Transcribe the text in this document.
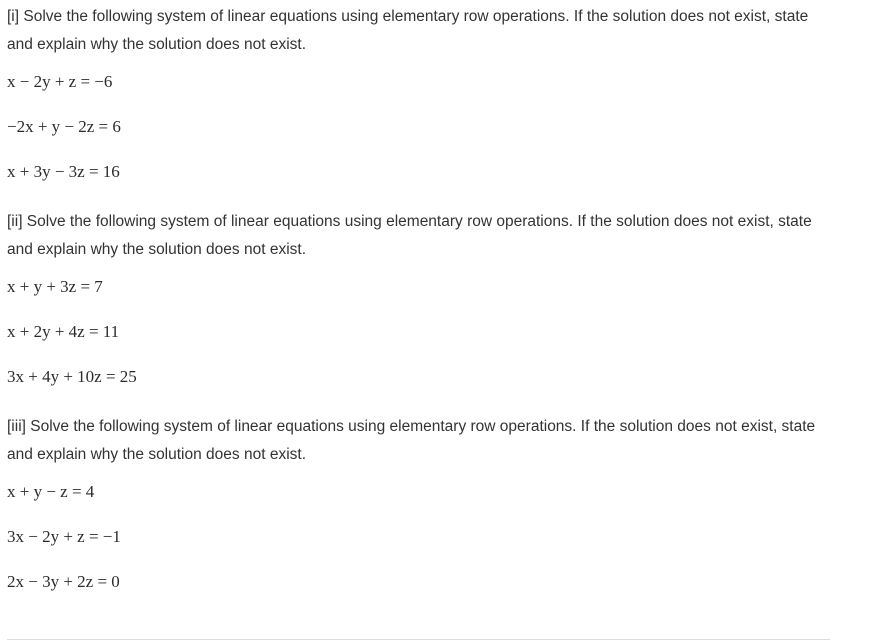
[i] Solve the following system of linear equations using elementary row operations. If the solution does not exist, state and explain why the solution does not exist.

x − 2y + z = −6
−2x + y − 2z = 6
x + 3y − 3z = 16

[ii] Solve the following system of linear equations using elementary row operations. If the solution does not exist, state and explain why the solution does not exist.

x + y + 3z = 7
x + 2y + 4z = 11
3x + 4y + 10z = 25

[iii] Solve the following system of linear equations using elementary row operations. If the solution does not exist, state and explain why the solution does not exist.

x + y − z = 4
3x − 2y + z = −1
2x − 3y + 2z = 0
